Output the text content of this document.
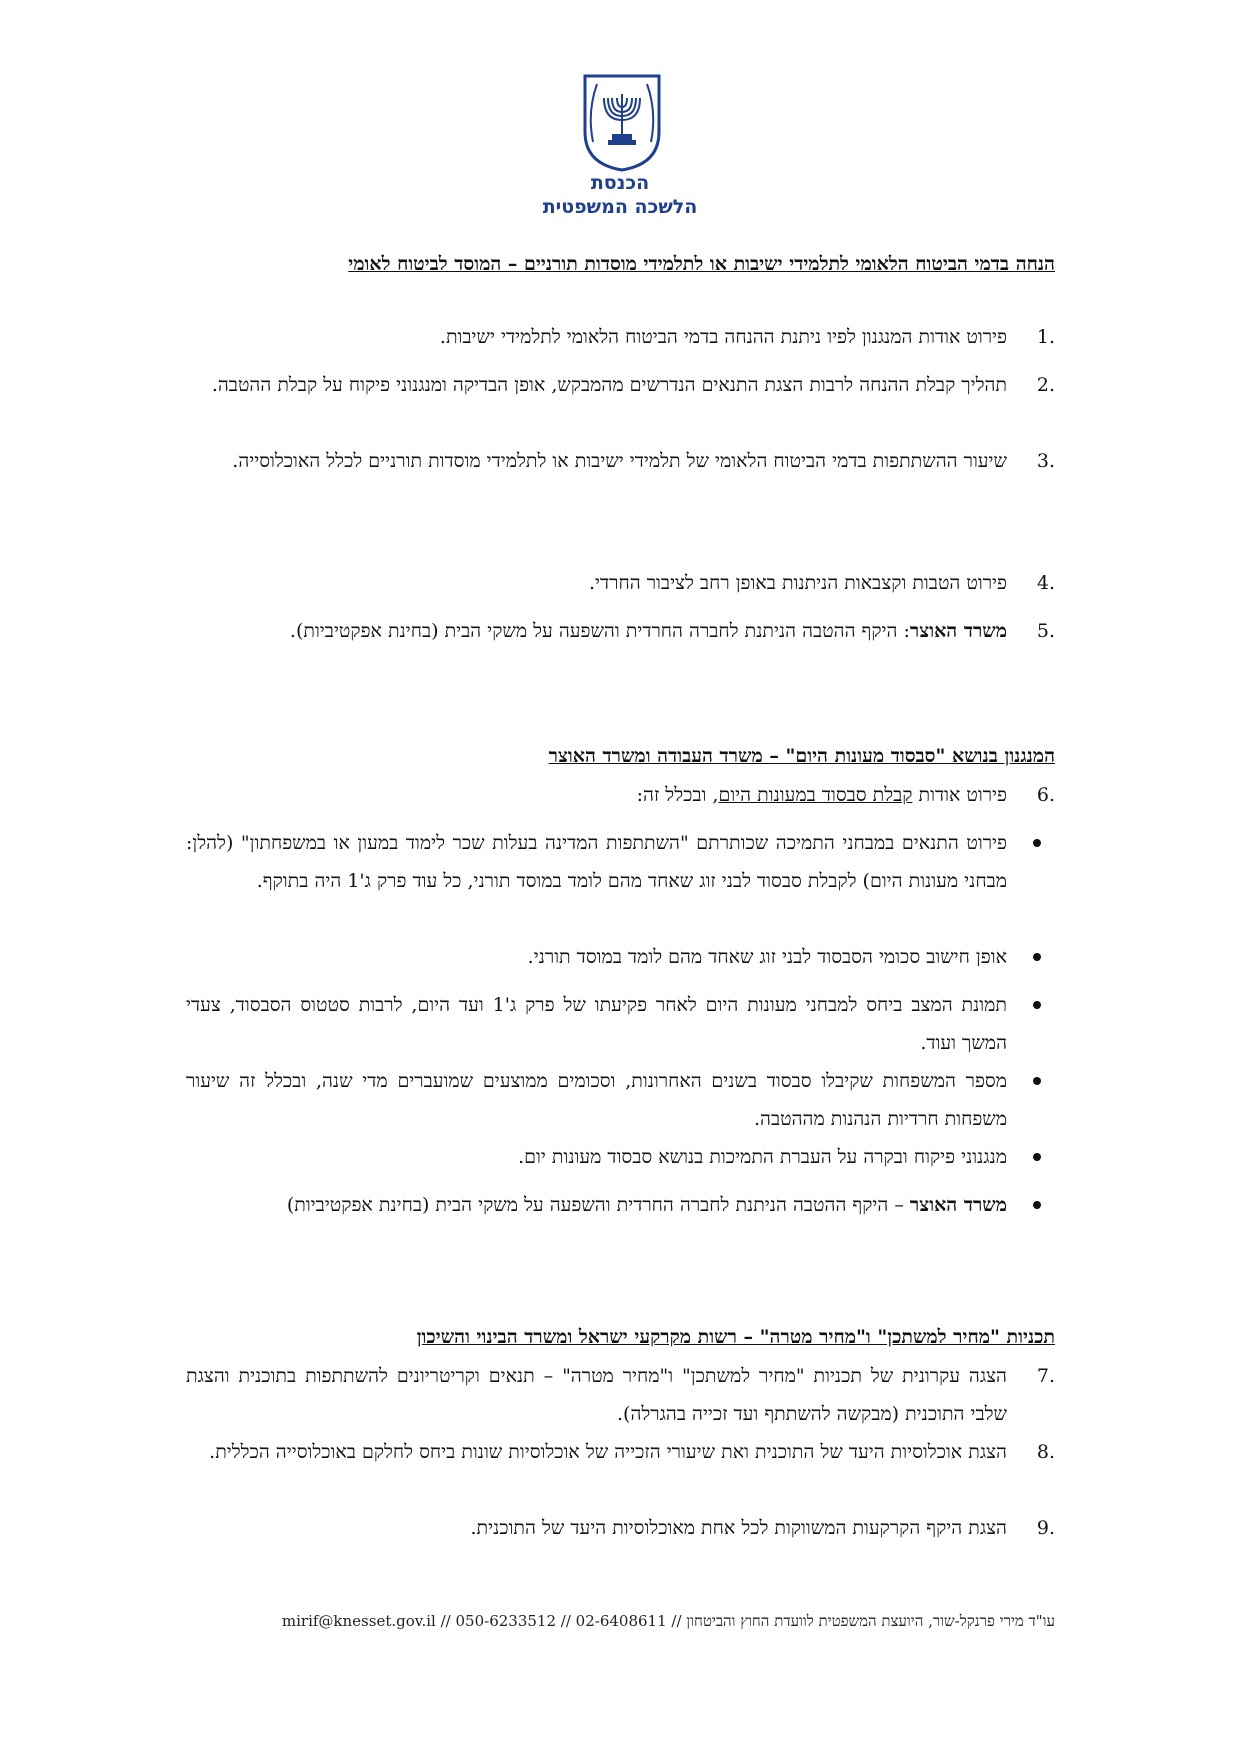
הכנסת
הלשכה המשפטית
הנחה בדמי הביטוח הלאומי לתלמידי ישיבות או לתלמידי מוסדות תורניים – המוסד לביטוח לאומי
1.
פירוט אודות המנגנון לפיו ניתנת ההנחה בדמי הביטוח הלאומי לתלמידי ישיבות.
2.
תהליך קבלת ההנחה לרבות הצגת התנאים הנדרשים מהמבקש, אופן הבדיקה ומנגנוני פיקוח על קבלת ההטבה.
3.
שיעור ההשתתפות בדמי הביטוח הלאומי של תלמידי ישיבות או לתלמידי מוסדות תורניים לכלל האוכלוסייה.
4.
פירוט הטבות וקצבאות הניתנות באופן רחב לציבור החרדי.
5.
משרד האוצר: היקף ההטבה הניתנת לחברה החרדית והשפעה על משקי הבית (בחינת אפקטיביות).
המנגנון בנושא "סבסוד מעונות היום" – משרד העבודה ומשרד האוצר
6.
פירוט אודות קבלת סבסוד במעונות היום, ובכלל זה:
פירוט התנאים במבחני התמיכה שכותרתם "השתתפות המדינה בעלות שכר לימוד במעון או במשפחתון" (להלן: מבחני מעונות היום) לקבלת סבסוד לבני זוג שאחד מהם לומד במוסד תורני, כל עוד פרק ג'1 היה בתוקף.
אופן חישוב סכומי הסבסוד לבני זוג שאחד מהם לומד במוסד תורני.
תמונת המצב ביחס למבחני מעונות היום לאחר פקיעתו של פרק ג'1 ועד היום, לרבות סטטוס הסבסוד, צעדי המשך ועוד.
מספר המשפחות שקיבלו סבסוד בשנים האחרונות, וסכומים ממוצעים שמועברים מדי שנה, ובכלל זה שיעור משפחות חרדיות הנהנות מההטבה.
מנגנוני פיקוח ובקרה על העברת התמיכות בנושא סבסוד מעונות יום.
משרד האוצר – היקף ההטבה הניתנת לחברה החרדית והשפעה על משקי הבית (בחינת אפקטיביות)
תכניות "מחיר למשתכן" ו"מחיר מטרה" – רשות מקרקעי ישראל ומשרד הבינוי והשיכון
7.
הצגה עקרונית של תכניות "מחיר למשתכן" ו"מחיר מטרה" – תנאים וקריטריונים להשתתפות בתוכנית והצגת שלבי התוכנית (מבקשה להשתתף ועד זכייה בהגרלה).
8.
הצגת אוכלוסיות היעד של התוכנית ואת שיעורי הזכייה של אוכלוסיות שונות ביחס לחלקם באוכלוסייה הכללית.
9.
הצגת היקף הקרקעות המשווקות לכל אחת מאוכלוסיות היעד של התוכנית.
עו"ד מירי פרנקל-שור, היועצת המשפטית לוועדת החוץ והביטחון // 02-6408611 // 050-6233512 // mirif@knesset.gov.il
